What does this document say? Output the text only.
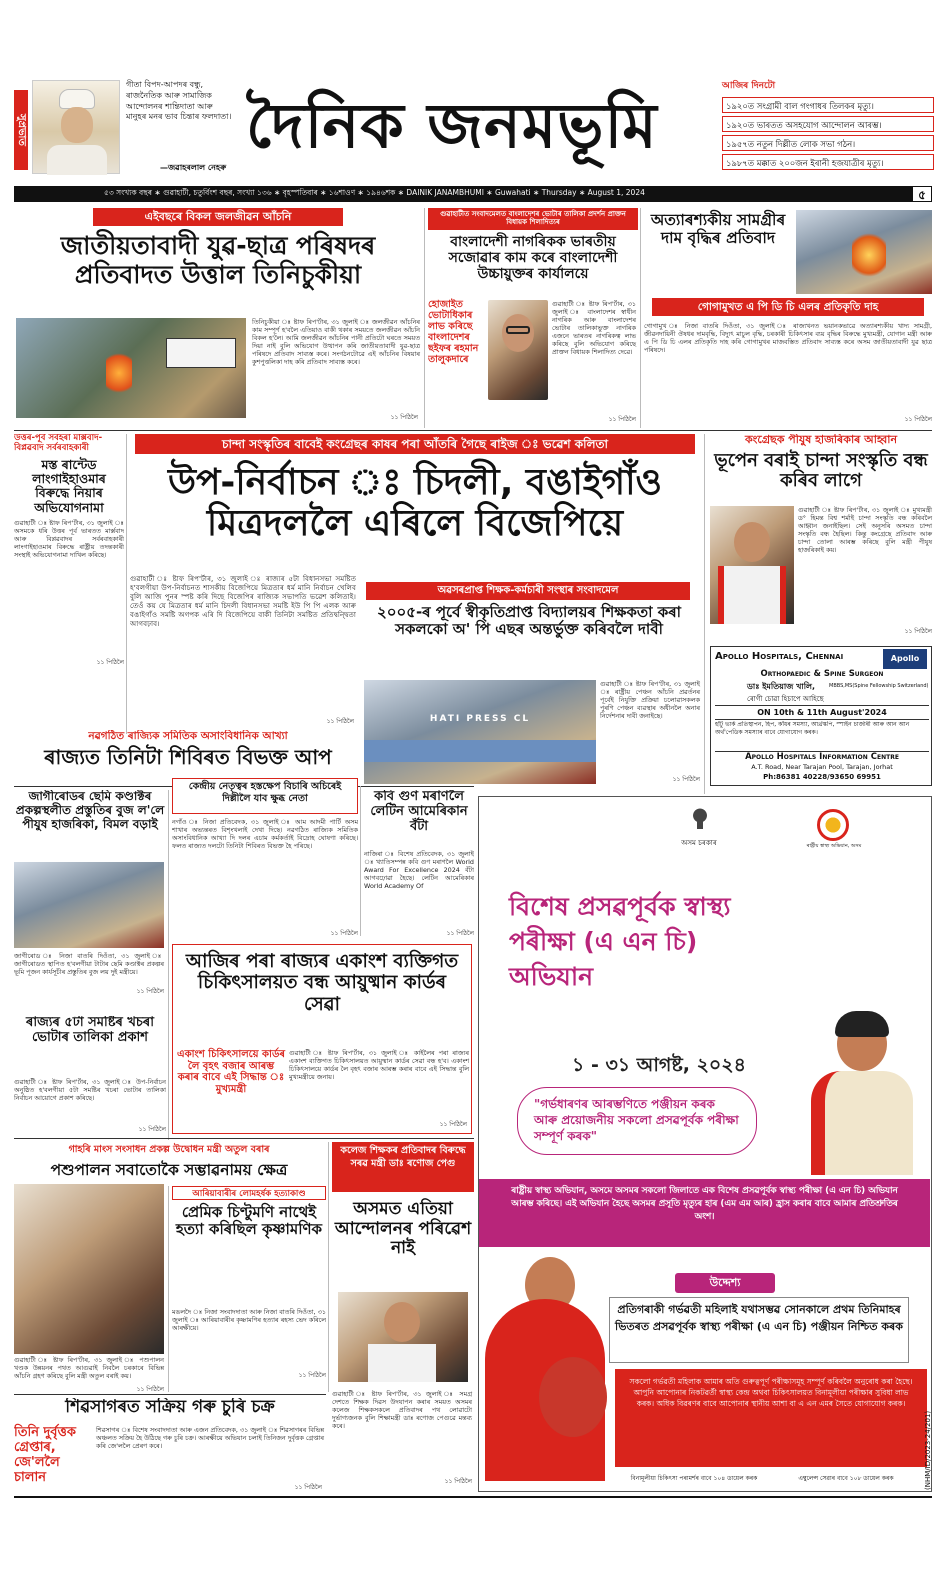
সুপ্ৰভাত
গীতা বিপদ-আপদৰ বন্ধু, ৰাজনৈতিক আৰু সামাজিক আন্দোলনৰ শান্তিদাতা আৰু মানুহৰ মনৰ ভাব চিন্তাৰ ফলদাতা।
—জৱাহৰলাল নেহৰু
দৈনিক জনমভূমি
আজিৰ দিনটো
১৯২০ত সংগ্ৰামী বাল গংগাধৰ তিলকৰ মৃত্যু।
১৯২০ত ভাৰতত অসহযোগ আন্দোলন আৰম্ভ।
১৯৫৭ত নতুন দিল্লীত লোক সভা গঠন।
১৯৮৭ত মক্কাত ২০০জন ইৰানী হজযাত্ৰীৰ মৃত্যু।
৫৩ সংখ্যক বছৰ ∗ গুৱাহাটী, চতুৰ্বিংশ বছৰ, সংখ্যা ১৩৬ ∗ বৃহস্পতিবাৰ ∗ ১৬শাওণ ∗ ১৯৪৬শক ∗ DAINIK JANAMBHUMI ∗ Guwahati ∗ Thursday ∗ August 1, 2024	৫
এইবছৰে বিকল জলজীৱন আঁচনি
জাতীয়তাবাদী যুৱ-ছাত্ৰ পৰিষদৰ প্ৰতিবাদত উত্তাল তিনিচুকীয়া
তিনিচুকীয়া ঃ ষ্টাফ ৰিপ'ৰ্টাৰ, ৩১ জুলাই ঃ জলজীৱন আঁচনিৰ কাম সম্পূৰ্ণ হ'বলৈ এতিয়াও বাকী থকাৰ সময়তে জলজীৱন আঁচনি বিকল হ'লৈ। আমি জলজীৱন আঁচনিৰ পানী প্ৰতিটো ঘৰতে সময়ত দিয়া নাই বুলি অভিযোগ উত্থাপন কৰি জাতীয়তাবাদী যুৱ-ছাত্ৰ পৰিষদে প্ৰতিবাদ সাব্যস্ত কৰে। সংগঠনটোৱে এই আঁচনিৰ বিষয়াৰ কুশপুত্তলিকা দাহ কৰি প্ৰতিবাদ সাব্যস্ত কৰে।
১১ পিঠিলৈ
গুৱাহাটীত সংবাদমেলত বাংলাদেশৰ ভোটাৰ তালিকা প্ৰদৰ্শন প্ৰাক্তন বিধায়ক শিলাদিত্যৰ
বাংলাদেশী নাগৰিকক ভাৰতীয় সজোৱাৰ কাম কৰে বাংলাদেশী উচ্চায়ুক্তৰ কাৰ্যালয়ে
হোজাইত ভোটাধিকাৰ লাভ কৰিছে বাংলাদেশৰ ছইফৰ ৰহমান তালুকদাৰে
গুৱাহাটী ঃ ষ্টাফ ৰিপ'ৰ্টাৰ, ৩১ জুলাই ঃ বাংলাদেশৰ স্বাধীন নাগৰিক আৰু বাংলাদেশৰ ভোটাৰ তালিকাভুক্ত নাগৰিক এজনে ভাৰতৰ নাগৰিকত্ব লাভ কৰিছে বুলি অভিযোগ কৰিছে প্ৰাক্তন বিধায়ক শিলাদিত্য দেৱে।
১১ পিঠিলৈ
অত্যাৰশ্যকীয় সামগ্ৰীৰ দাম বৃদ্ধিৰ প্ৰতিবাদ
গোগামুখত এ পি ডি চি এলৰ প্ৰতিকৃতি দাহ
গোগামুখ ঃ নিজা বাতৰি দিওঁতা, ৩১ জুলাই ঃ ৰাজ্যখনত ভয়ানকভাৱে অত্যাৰশ্যকীয় খাদ্য সামগ্ৰী, জীৱনদায়িনী ঔষধৰ দামবৃদ্ধি, বিদ্যুৎ মাচুল বৃদ্ধি, চৰকাৰী চিকিৎসাৰ ব্যয় বৃদ্ধিৰ বিৰুদ্ধে মুখ্যমন্ত্ৰী, যোগান মন্ত্ৰী আৰু এ পি ডি চি এলৰ প্ৰতিকৃতি দাহ কৰি গোগামুখৰ মাজবস্তিত প্ৰতিবাদ সাব্যস্ত কৰে অসম জাতীয়তাবাদী যুৱ ছাত্ৰ পৰিষদে।
১১ পিঠিলৈ
উত্তৰ-পূৰ্ব সৰ্বহৰা মাৰ্ক্সবাদ-বিপ্লৱবাদ সৰ্বৰবাহকাৰী
মস্ত ৰান্টেড লাংগাইহাওমাৰ বিৰুদ্ধে নিয়াৰ অভিযোগনামা
গুৱাহাটী ঃ ষ্টাফ ৰিপ'ৰ্টাৰ, ৩১ জুলাই ঃ অসমকে ধৰি উত্তৰ পূৰ্ব ভাৰতত মাৰ্ক্সবাদ আৰু বিপ্লৱবাদৰ সৰ্বৰবাহকাৰী লাংগাইহাওমাৰ বিৰুদ্ধে ৰাষ্ট্ৰীয় তদন্তকাৰী সংস্থাই অভিযোগনামা দাখিল কৰিছে।
১১ পিঠিলৈ
চান্দা সংস্কৃতিৰ বাবেই কংগ্ৰেছৰ কাষৰ পৰা আঁতৰি গৈছে ৰাইজ ঃ ভৱেশ কলিতা
উপ-নিৰ্বাচন ঃ চিদলী, বঙাইগাঁও মিত্ৰদললৈ এৰিলে বিজেপিয়ে
গুৱাহাটী ঃ ষ্টাফ ৰিপ'ৰ্টাৰ, ৩১ জুলাই ঃ ৰাজ্যৰ ৫টা বিধানসভা সমষ্টিত হ'বলগীয়া উপ-নিৰ্বাচনত শাসকীয় বিজেপিয়ে মিত্ৰতাৰ ধৰ্ম মানি নিৰ্বাচন খেলিব বুলি আজি পুনৰ স্পষ্ট কৰি দিছে বিজেপিৰ ৰাজ্যিক সভাপতি ভৱেশ কলিতাই। তেওঁ কয় যে মিত্ৰতাৰ ধৰ্ম মানি চিদলী বিধানসভা সমষ্টি ইউ পি পি এলক আৰু বঙাইগাঁও সমষ্টি অগপক এৰি দি বিজেপিয়ে বাকী তিনিটা সমষ্টিত প্ৰতিদ্বন্দ্বিতা আগবঢ়াব।
১১ পিঠিলৈ
অৱসৰপ্ৰাপ্ত শিক্ষক-কৰ্মচাৰী সংস্থাৰ সংবাদমেল
২০০৫-ৰ পূৰ্বে স্বীকৃতিপ্ৰাপ্ত বিদ্যালয়ৰ শিক্ষকতা কৰা সকলকো অ' পি এছৰ অন্তৰ্ভুক্ত কৰিবলৈ দাবী
HATI PRESS CL
গুৱাহাটী ঃ ষ্টাফ ৰিপ'ৰ্টাৰ, ৩১ জুলাই ঃ ৰাষ্ট্ৰীয় পেঞ্চন আঁচনি প্ৰৱৰ্তনৰ পূৰ্বেই নিযুক্তি প্ৰক্ৰিয়া চলোৱাসকলক পুৰণি পেঞ্চন ব্যৱস্থাৰ অধীনলৈ অনাৰ নিৰ্দেশনাৰ দাবী জনাইছে।
১১ পিঠিলৈ
কংগ্ৰেছক পীযুষ হাজৰিকাৰ আহ্বান
ভূপেন বৰাই চান্দা সংস্কৃতি বন্ধ কৰিব লাগে
গুৱাহাটী ঃ ষ্টাফ ৰিপ'ৰ্টাৰ, ৩১ জুলাই ঃ মুখ্যমন্ত্ৰী ড° হিমন্ত বিশ্ব শৰ্মাই চান্দা সংস্কৃতি বন্ধ কৰিবলৈ আহ্বান জনাইছিল। সেই অনুসৰি অসমত চান্দা সংস্কৃতি বন্ধ হৈছিল। কিন্তু কংগ্ৰেছে প্ৰতিবাদ আৰু চান্দা তোলা আৰম্ভ কৰিছে বুলি মন্ত্ৰী পীযুষ হাজৰিকাই কয়।
১১ পিঠিলৈ
Apollo Hospitals, Chennai	Apollo
Orthopaedic & Spine Surgeon
ডাঃ ইমতিয়াজ খালি,	MBBS,MS(Spine Fellowship Switzerland)
ৰোগী চোৱা হিচাপে আহিছে
ON 10th & 11th August'2024
হাঁটু ভাৰ্ক প্ৰতিস্থাপন, হিপ, কাঁধৰ সমস্যা, আৰ্থ্ৰস্কপি, স্পাইন চাৰ্জাৰী আৰু আন আন অৰ্থ'পেডিক সমস্যাৰ বাবে যোগাযোগ কৰক।
Apollo Hospitals Information Centre
A.T. Road, Near Tarajan Pool, Tarajan, Jorhat
Ph:86381 40228/93650 69951
নৱগঠিত ৰাজ্যিক সমিতিক অসাংবিধানিক আখ্যা
ৰাজ্যত তিনিটা শিবিৰত বিভক্ত আপ
জাগীৰোডৰ ছেমি কণ্ডাক্টৰ প্ৰকল্পস্থলীত প্ৰস্তুতিৰ বুজ ল'লে পীযুষ হাজৰিকা, বিমল বড়াই
জাগীৰোড ঃ নিজা বাতৰি দিওঁতা, ৩১ জুলাই ঃ জাগীৰোডত স্থাপিত হ'বলগীয়া টাটাৰ ছেমি কণ্ডাক্টৰ প্ৰকল্পৰ ভূমি পূজন কাৰ্যসূচীৰ প্ৰস্তুতিৰ বুজ লয় দুই মন্ত্ৰীয়ে।
১১ পিঠিলৈ
কেন্দ্ৰীয় নেতৃত্বৰ হস্তক্ষেপ বিচাৰি অচিৰেই দিল্লীলৈ যাব ক্ষুব্ধ নেতা
নগাঁও ঃ নিজা প্ৰতিবেদক, ৩১ জুলাই ঃ আম আদমী পাৰ্টি অসম শাখাৰ অভ্যন্তৰত বিশৃংখলাই দেখা দিছে। নৱগঠিত ৰাজ্যিক সমিতিক অসাংবিধানিক আখ্যা দি দলৰ এচাম কৰ্মকৰ্তাই বিদ্ৰোহ ঘোষণা কৰিছে। ফলত ৰাজ্যত দলটো তিনিটা শিবিৰত বিভক্ত হৈ পৰিছে।
১১ পিঠিলৈ
কবি গুণ মৰাণলৈ লেটিন আমেৰিকান বঁটা
নাজিৰা ঃ বিশেষ প্ৰতিবেদক, ৩১ জুলাই ঃ খ্যাতিসম্পন্ন কবি গুণ মৰাণলৈ World Award For Excellence 2024 বঁটা আগবঢ়োৱা হৈছে। লেটিন আমেৰিকাৰ World Academy Of
১১ পিঠিলৈ
আজিৰ পৰা ৰাজ্যৰ একাংশ ব্যক্তিগত চিকিৎসালয়ত বন্ধ আয়ুষ্মান কাৰ্ডৰ সেৱা
একাংশ চিকিৎসালয়ে কাৰ্ডৰ লৈ বৃহৎ বজাৰ আৰম্ভ কৰাৰ বাবে এই সিদ্ধান্ত ঃ মুখ্যমন্ত্ৰী
গুৱাহাটী ঃ ষ্টাফ ৰিপ'ৰ্টাৰ, ৩১ জুলাই ঃ কাইলৈৰ পৰা ৰাজ্যৰ একাংশ ব্যক্তিগত চিকিৎসালয়ত আয়ুষ্মান কাৰ্ডৰ সেৱা বন্ধ হ'ব। একাংশ চিকিৎসালয়ে কাৰ্ডৰ লৈ বৃহৎ বজাৰ আৰম্ভ কৰাৰ বাবে এই সিদ্ধান্ত বুলি মুখ্যমন্ত্ৰীয়ে জনায়।
১১ পিঠিলৈ
ৰাজ্যৰ ৫টা সমষ্টিৰ খচৰা ভোটাৰ তালিকা প্ৰকাশ
গুৱাহাটী ঃ ষ্টাফ ৰিপ'ৰ্টাৰ, ৩১ জুলাই ঃ উপ-নিৰ্বাচন অনুষ্ঠিত হ'বলগীয়া ৫টা সমষ্টিৰ খচৰা ভোটাৰ তালিকা নিৰ্বাচন আয়োগে প্ৰকাশ কৰিছে।
১১ পিঠিলৈ
অসম চৰকাৰ	ৰাষ্ট্ৰীয় স্বাস্থ্য অভিযান, অসম
বিশেষ প্ৰসৱপূৰ্বক স্বাস্থ্য পৰীক্ষা (এ এন চি) অভিযান
১ - ৩১ আগষ্ট, ২০২৪
"গৰ্ভধাৰণৰ আৰম্ভণিতে পঞ্জীয়ন কৰক আৰু প্ৰয়োজনীয় সকলো প্ৰসৱপূৰ্বক পৰীক্ষা সম্পূৰ্ণ কৰক"
ৰাষ্ট্ৰীয় স্বাস্থ্য অভিযান, অসমে অসমৰ সকলো জিলাতে এক বিশেষ প্ৰসৱপূৰ্বক স্বাস্থ্য পৰীক্ষা (এ এন চি) অভিযান আৰম্ভ কৰিছে। এই অভিযান হৈছে অসমৰ প্ৰসূতি মৃত্যুৰ হাৰ (এম এম আৰ) হ্ৰাস কৰাৰ বাবে আমাৰ প্ৰতিশ্ৰুতিৰ অংশ।
উদ্দেশ্য
প্ৰতিগৰাকী গৰ্ভৱতী মহিলাই যথাসম্ভৱ সোনকালে প্ৰথম তিনিমাহৰ ভিতৰত প্ৰসৱপূৰ্বক স্বাস্থ্য পৰীক্ষা (এ এন চি) পঞ্জীয়ন নিশ্চিত কৰক
সকলো গৰ্ভৱতী মহিলাক আমাৰ অতি গুৰুত্বপূৰ্ণ পৰীক্ষাসমূহ সম্পূৰ্ণ কৰিবলৈ অনুৰোধ কৰা হৈছে। আপুনি আপোনাৰ নিকটৱৰ্তী স্বাস্থ্য কেন্দ্ৰ অথবা চিকিৎসালয়ত বিনামূলীয়া পৰীক্ষাৰ সুবিধা লাভ কৰক। অধিক বিৱৰণৰ বাবে আপোনাৰ স্থানীয় আশা বা এ এন এমৰ সৈতে যোগাযোগ কৰক।
বিনামূলীয়া চিকিৎসা পৰামৰ্শৰ বাবে ১০৪ ডায়েল কৰক	এম্বুলেন্স সেৱাৰ বাবে ১০৮ ডায়েল কৰক	(NHM/ID/2023-24/201)
গাহৰি মাংস সংসাধন প্ৰকল্প উদ্বোধন মন্ত্ৰী অতুল বৰাৰ
পশুপালন সবাতোকৈ সম্ভাৱনাময় ক্ষেত্ৰ
গুৱাহাটী ঃ ষ্টাফ ৰিপ'ৰ্টাৰ, ৩১ জুলাই ঃ পশুপালন খণ্ডক উন্নয়নৰ পথত আগুৱাই নিবলৈ চৰকাৰে বিভিন্ন আঁচনি গ্ৰহণ কৰিছে বুলি মন্ত্ৰী অতুল বৰাই কয়।
১১ পিঠিলৈ
আৰিয়াবাৰীৰ লোমহৰ্ষক হত্যাকাণ্ড
প্ৰেমিক চিণ্টুমণি নাথেই হত্যা কৰিছিল কৃষ্ণামণিক
মঙলদৈ ঃ নিজা সংবাদদাতা আৰু নিজা বাতৰি দিওঁতা, ৩১ জুলাই ঃ আৰিয়াবাৰীৰ কৃষ্ণামণিৰ হত্যাৰ ৰহস্য ভেদ কৰিলে আৰক্ষীয়ে।
১১ পিঠিলৈ
কলেজ শিক্ষকৰ প্ৰতিবাদৰ বিৰুদ্ধে সৰৱ মন্ত্ৰী ডাঃ ৰণোজ পেগু
অসমত এতিয়া আন্দোলনৰ পৰিৱেশ নাই
গুৱাহাটী ঃ ষ্টাফ ৰিপ'ৰ্টাৰ, ৩১ জুলাই ঃ সমগ্ৰ দেশতে শিক্ষক দিৱস উদযাপন কৰাৰ সময়ত অসমৰ কলেজ শিক্ষকসকলে প্ৰতিবাদৰ পথ লোৱাটো দুৰ্ভাগ্যজনক বুলি শিক্ষামন্ত্ৰী ডাঃ ৰণোজ পেগুৱে মন্তব্য কৰে।
১১ পিঠিলৈ
শিৱসাগৰত সক্ৰিয় গৰু চুৰি চক্ৰ
তিনি দুৰ্বৃত্তক গ্ৰেপ্তাৰ, জে'ললৈ চালান
শিৱসাগৰ ঃ বিশেষ সংবাদদাতা আৰু এজন প্ৰতিবেদক, ৩১ জুলাই ঃ শিৱসাগৰৰ বিভিন্ন অঞ্চলত সক্ৰিয় হৈ উঠিছে গৰু চুৰি চক্ৰ। আৰক্ষীয়ে অভিযান চলাই তিনিজন দুৰ্বৃত্তক গ্ৰেপ্তাৰ কৰি জে'ললৈ প্ৰেৰণ কৰে।
১১ পিঠিলৈ
